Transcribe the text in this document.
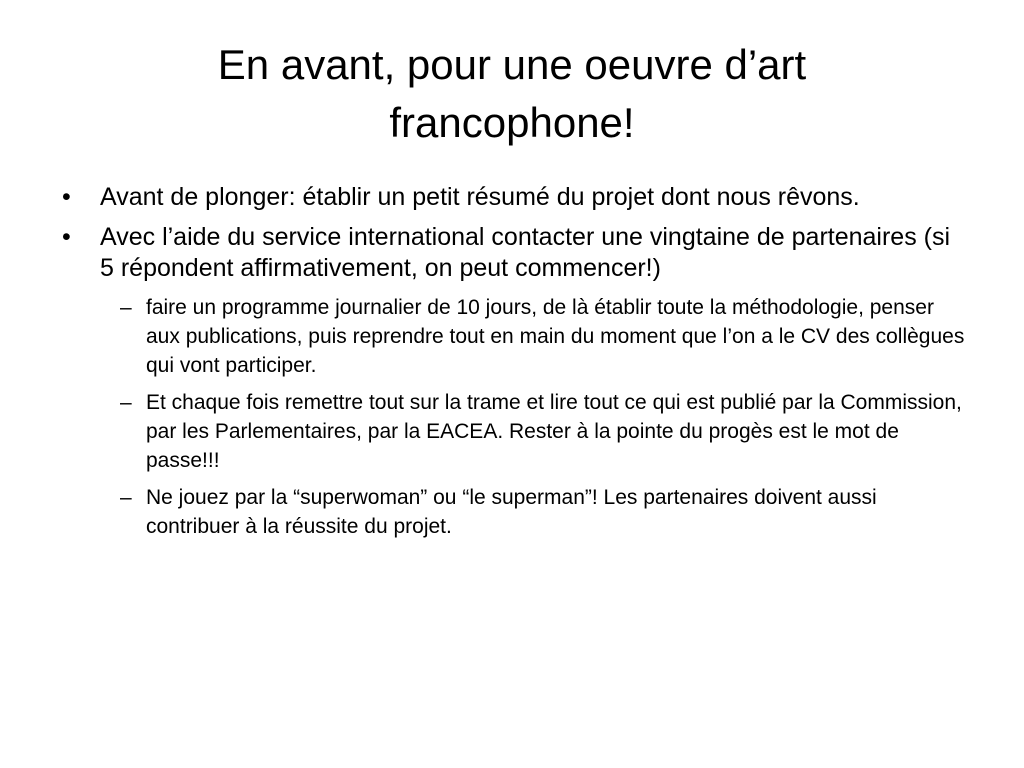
En avant, pour une oeuvre d’art
francophone!
• Avant de plonger: établir un petit résumé du projet dont nous rêvons.
• Avec l’aide du service international contacter une vingtaine de partenaires (si 5 répondent affirmativement, on peut commencer!)
– faire un programme journalier de 10 jours, de là établir toute la méthodologie, penser aux publications, puis reprendre tout en main du moment que l’on a le CV des collègues qui vont participer.
– Et chaque fois remettre tout sur la trame et lire tout ce qui est publié par la Commission, par les Parlementaires, par la EACEA. Rester à la pointe du progès est le mot de passe!!!
– Ne jouez par la “superwoman” ou “le superman”! Les partenaires doivent aussi contribuer à la réussite du projet.
